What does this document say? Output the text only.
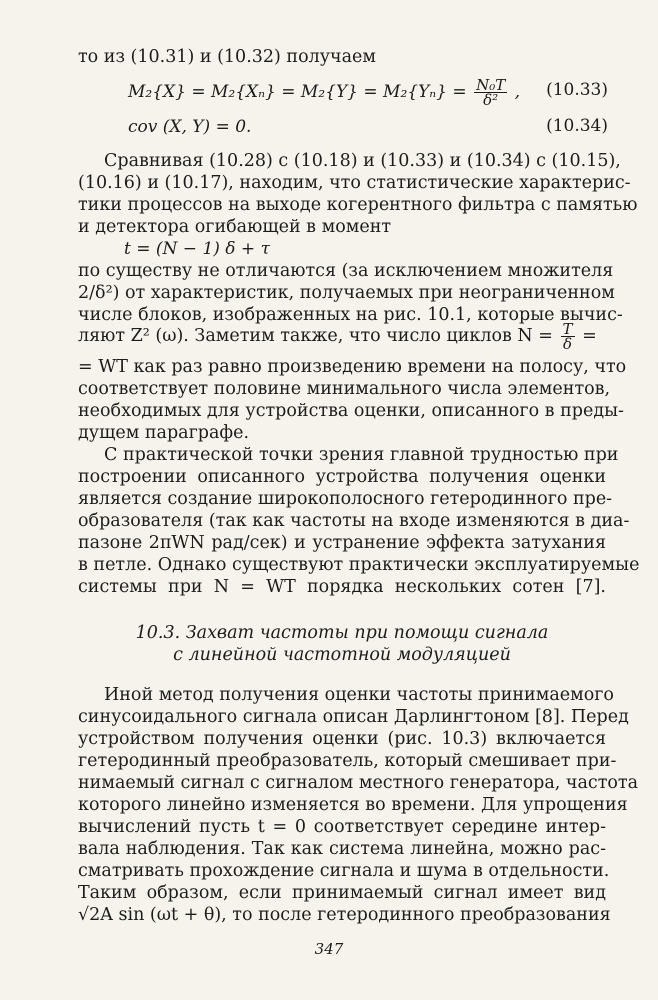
то из (10.31) и (10.32) получаем
$M_2\{X\} = M_2\{X_n\} = M_2\{Y\} = M_2\{Y_n\} = \frac{\text{N₀T}}{\text{δ²}}$ , (10.33)
cov (X, Y) = 0.	(10.34)
Сравнивая (10.28) с (10.18) и (10.33) и (10.34) с (10.15),
(10.16) и (10.17), находим, что статистические характерис-
тики процессов на выходе когерентного фильтра с памятью
и детектора огибающей в момент
t = (N − 1) δ + τ
по существу не отличаются (за исключением множителя
2/δ²) от характеристик, получаемых при неограниченном
числе блоков, изображенных на рис. 10.1, которые вычис-
ляют Z² (ω). Заметим также, что число циклов $N = \frac{T}{\delta}$ =
= WT как раз равно произведению времени на полосу, что
соответствует половине минимального числа элементов,
необходимых для устройства оценки, описанного в преды-
дущем параграфе.
С практической точки зрения главной трудностью при
построении описанного устройства получения оценки
является создание широкополосного гетеродинного пре-
образователя (так как частоты на входе изменяются в диа-
пазоне 2πWN рад/сек) и устранение эффекта затухания
в петле. Однако существуют практически эксплуатируемые
системы при N = WT порядка нескольких сотен [7].
10.3. Захват частоты при помощи сигнала
с линейной частотной модуляцией
Иной метод получения оценки частоты принимаемого
синусоидального сигнала описан Дарлингтоном [8]. Перед
устройством получения оценки (рис. 10.3) включается
гетеродинный преобразователь, который смешивает при-
нимаемый сигнал с сигналом местного генератора, частота
которого линейно изменяется во времени. Для упрощения
вычислений пусть t = 0 соответствует середине интер-
вала наблюдения. Так как система линейна, можно рас-
сматривать прохождение сигнала и шума в отдельности.
Таким образом, если принимаемый сигнал имеет вид
√2A sin (ωt + θ), то после гетеродинного преобразования
347
